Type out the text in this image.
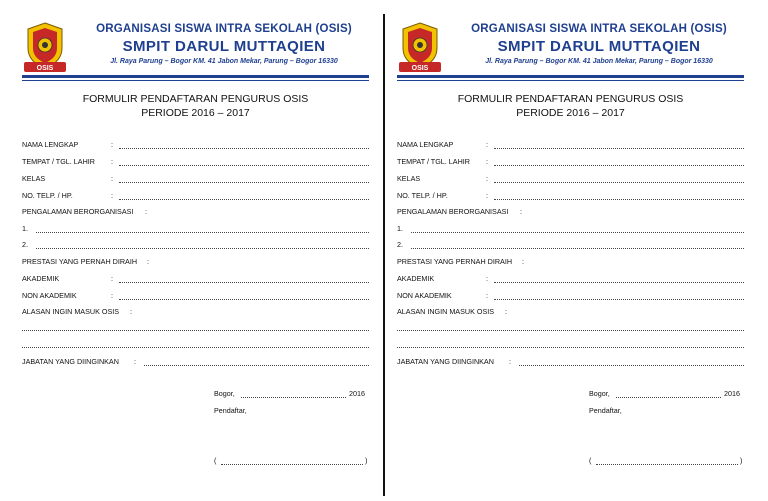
OSIS
ORGANISASI SISWA INTRA SEKOLAH (OSIS)
SMPIT DARUL MUTTAQIEN
Jl. Raya Parung – Bogor KM. 41 Jabon Mekar, Parung – Bogor 16330
FORMULIR PENDAFTARAN PENGURUS OSIS
PERIODE 2016 – 2017
NAMA LENGKAP	:
TEMPAT / TGL. LAHIR :
KELAS	:
NO. TELP. / HP.	:
PENGALAMAN BERORGANISASI :
1.
2.
PRESTASI YANG PERNAH DIRAIH :
AKADEMIK	:
NON AKADEMIK	:
ALASAN INGIN MASUK OSIS :
JABATAN YANG DIINGINKAN :
Bogor,	2016
Pendaftar,
(	)
OSIS
ORGANISASI SISWA INTRA SEKOLAH (OSIS)
SMPIT DARUL MUTTAQIEN
Jl. Raya Parung – Bogor KM. 41 Jabon Mekar, Parung – Bogor 16330
FORMULIR PENDAFTARAN PENGURUS OSIS
PERIODE 2016 – 2017
NAMA LENGKAP	:
TEMPAT / TGL. LAHIR :
KELAS	:
NO. TELP. / HP.	:
PENGALAMAN BERORGANISASI :
1.
2.
PRESTASI YANG PERNAH DIRAIH :
AKADEMIK	:
NON AKADEMIK	:
ALASAN INGIN MASUK OSIS :
JABATAN YANG DIINGINKAN :
Bogor,	2016
Pendaftar,
(	)
